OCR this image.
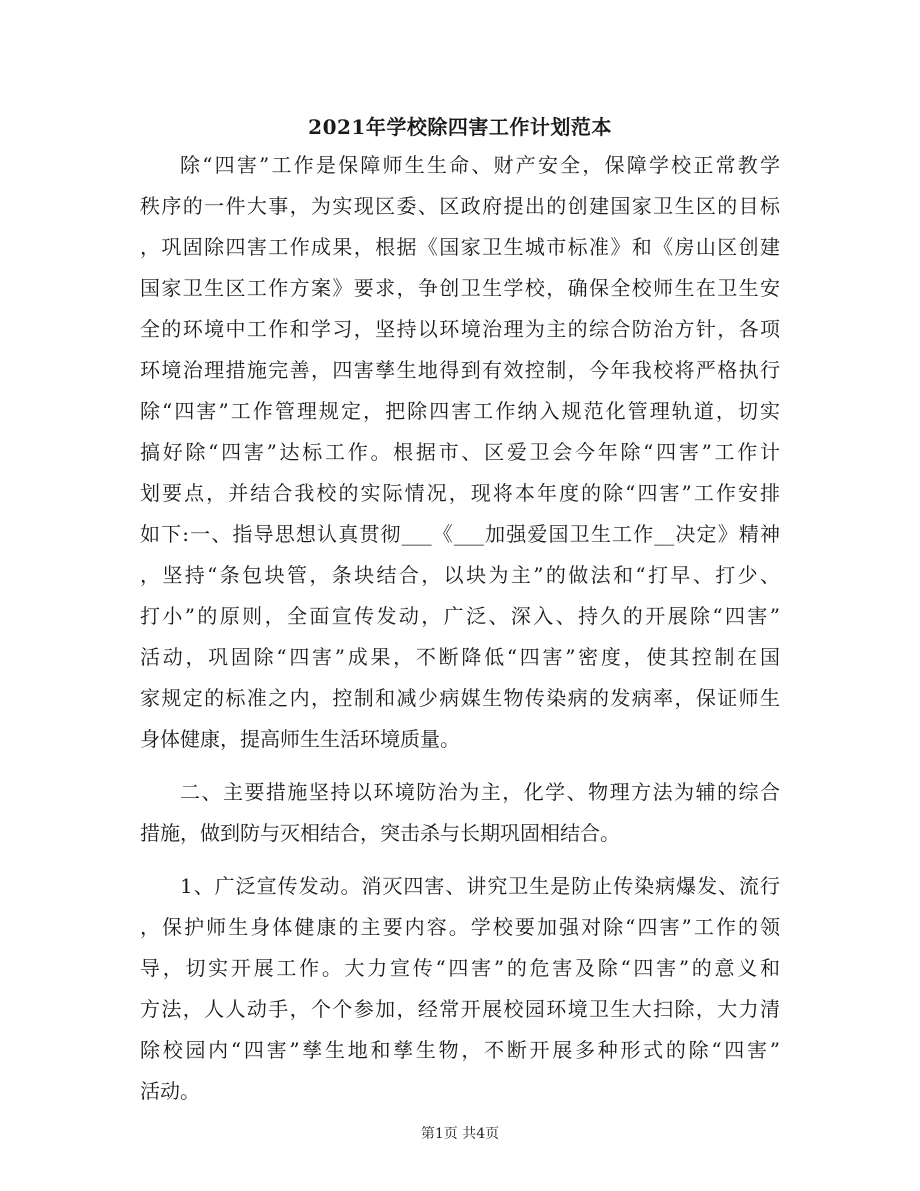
2021年学校除四害工作计划范本
除“四害”工作是保障师生生命、财产安全，保障学校正常教学
秩序的一件大事，为实现区委、区政府提出的创建国家卫生区的目标
，巩固除四害工作成果，根据《国家卫生城市标准》和《房山区创建
国家卫生区工作方案》要求，争创卫生学校，确保全校师生在卫生安
全的环境中工作和学习，坚持以环境治理为主的综合防治方针，各项
环境治理措施完善，四害孳生地得到有效控制，今年我校将严格执行
除“四害”工作管理规定，把除四害工作纳入规范化管理轨道，切实
搞好除“四害”达标工作。根据市、区爱卫会今年除“四害”工作计
划要点，并结合我校的实际情况，现将本年度的除“四害”工作安排
如下:一、指导思想认真贯彻___《___加强爱国卫生工作__决定》精神
，坚持“条包块管，条块结合，以块为主”的做法和“打早、打少、
打小”的原则，全面宣传发动，广泛、深入、持久的开展除“四害”
活动，巩固除“四害”成果，不断降低“四害”密度，使其控制在国
家规定的标准之内，控制和减少病媒生物传染病的发病率，保证师生
身体健康，提高师生生活环境质量。
二、主要措施坚持以环境防治为主，化学、物理方法为辅的综合
措施，做到防与灭相结合，突击杀与长期巩固相结合。
1、广泛宣传发动。消灭四害、讲究卫生是防止传染病爆发、流行
，保护师生身体健康的主要内容。学校要加强对除“四害”工作的领
导，切实开展工作。大力宣传“四害”的危害及除“四害”的意义和
方法，人人动手，个个参加，经常开展校园环境卫生大扫除，大力清
除校园内“四害”孳生地和孳生物，不断开展多种形式的除“四害”
活动。
第1页 共4页
